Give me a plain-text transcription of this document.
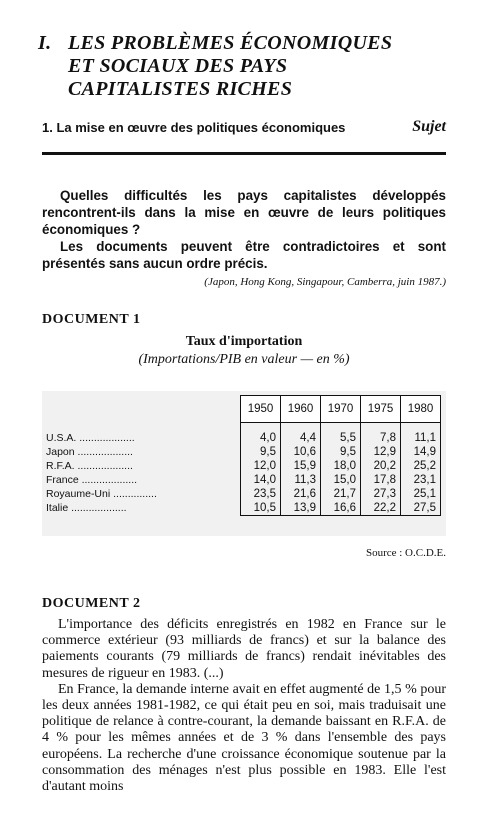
I. LES PROBLÈMES ÉCONOMIQUES
ET SOCIAUX DES PAYS
CAPITALISTES RICHES
1. La mise en œuvre des politiques économiques	Sujet

Quelles difficultés les pays capitalistes développés rencontrent-ils dans la mise en œuvre de leurs politiques économiques ?

Les documents peuvent être contradictoires et sont présentés sans aucun ordre précis.

(Japon, Hong Kong, Singapour, Camberra, juin 1987.)
DOCUMENT 1
Taux d'importation
(Importations/PIB en valeur — en %)
	1950	1960	1970	1975	1980
U.S.A. ...................	4,0	4,4	5,5	7,8	11,1
Japon ...................	9,5	10,6	9,5	12,9	14,9
R.F.A. ...................	12,0	15,9	18,0	20,2	25,2
France ...................	14,0	11,3	15,0	17,8	23,1
Royaume-Uni ...............	23,5	21,6	21,7	27,3	25,1
Italie ...................	10,5	13,9	16,6	22,2	27,5
Source : O.C.D.E.
DOCUMENT 2

L'importance des déficits enregistrés en 1982 en France sur le commerce extérieur (93 milliards de francs) et sur la balance des paiements courants (79 milliards de francs) rendait inévitables des mesures de rigueur en 1983. (...)

En France, la demande interne avait en effet augmenté de 1,5 % pour les deux années 1981-1982, ce qui était peu en soi, mais traduisait une politique de relance à contre-courant, la demande baissant en R.F.A. de 4 % pour les mêmes années et de 3 % dans l'ensemble des pays européens. La recherche d'une croissance économique soutenue par la consommation des ménages n'est plus possible en 1983. Elle l'est d'autant moins
